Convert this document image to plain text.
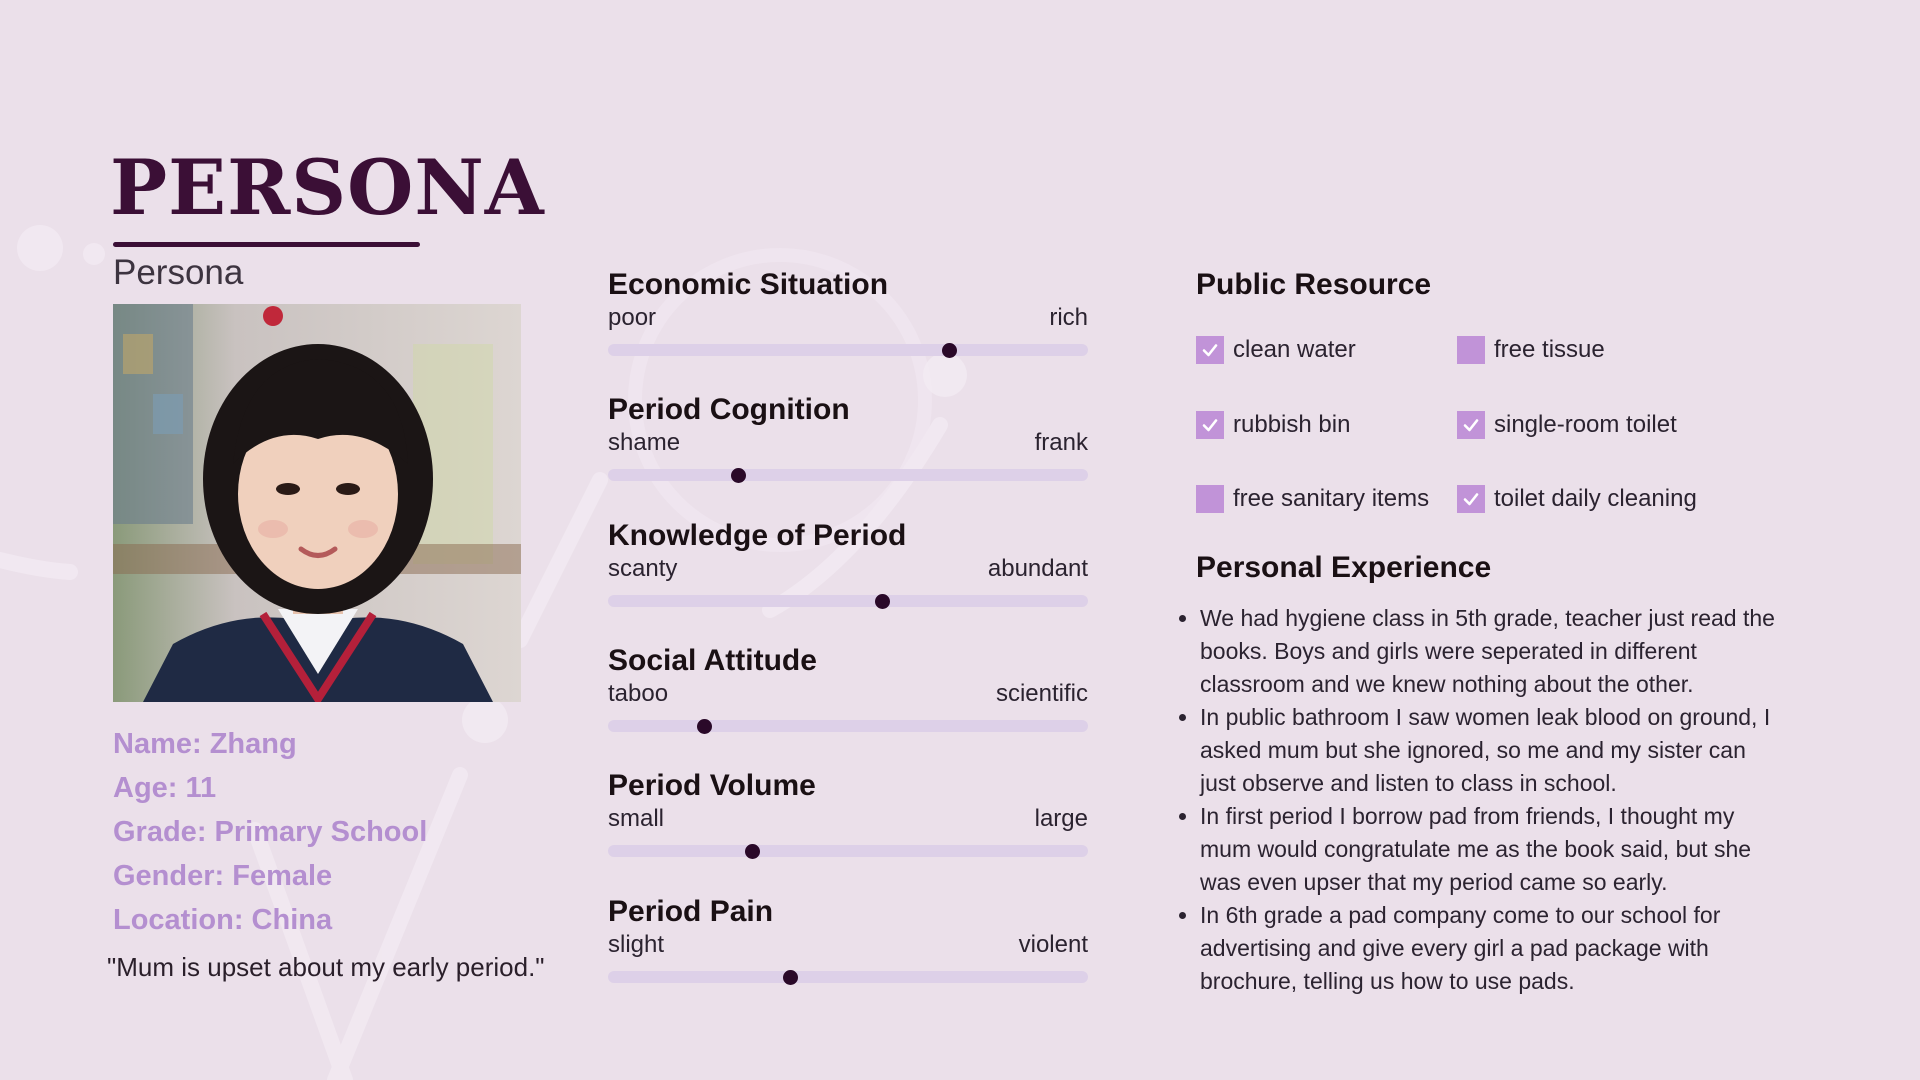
PERSONA
Persona
Name: Zhang
Age: 11
Grade: Primary School
Gender: Female
Location: China
"Mum is upset about my early period."
Economic Situation
poor	rich
Period Cognition
shame	frank
Knowledge of Period
scanty	abundant
Social Attitude
taboo	scientific
Period Volume
small	large
Period Pain
slight	violent
Public Resource
clean water	free tissue
rubbish bin	single-room toilet
free sanitary items	toilet daily cleaning
Personal Experience
• We had hygiene class in 5th grade, teacher just read the books. Boys and girls were seperated in different classroom and we knew nothing about the other.
• In public bathroom I saw women leak blood on ground, I asked mum but she ignored, so me and my sister can just observe and listen to class in school.
• In first period I borrow pad from friends, I thought my mum would congratulate me as the book said, but she was even upser that my period came so early.
• In 6th grade a pad company come to our school for advertising and give every girl a pad package with brochure, telling us how to use pads.
